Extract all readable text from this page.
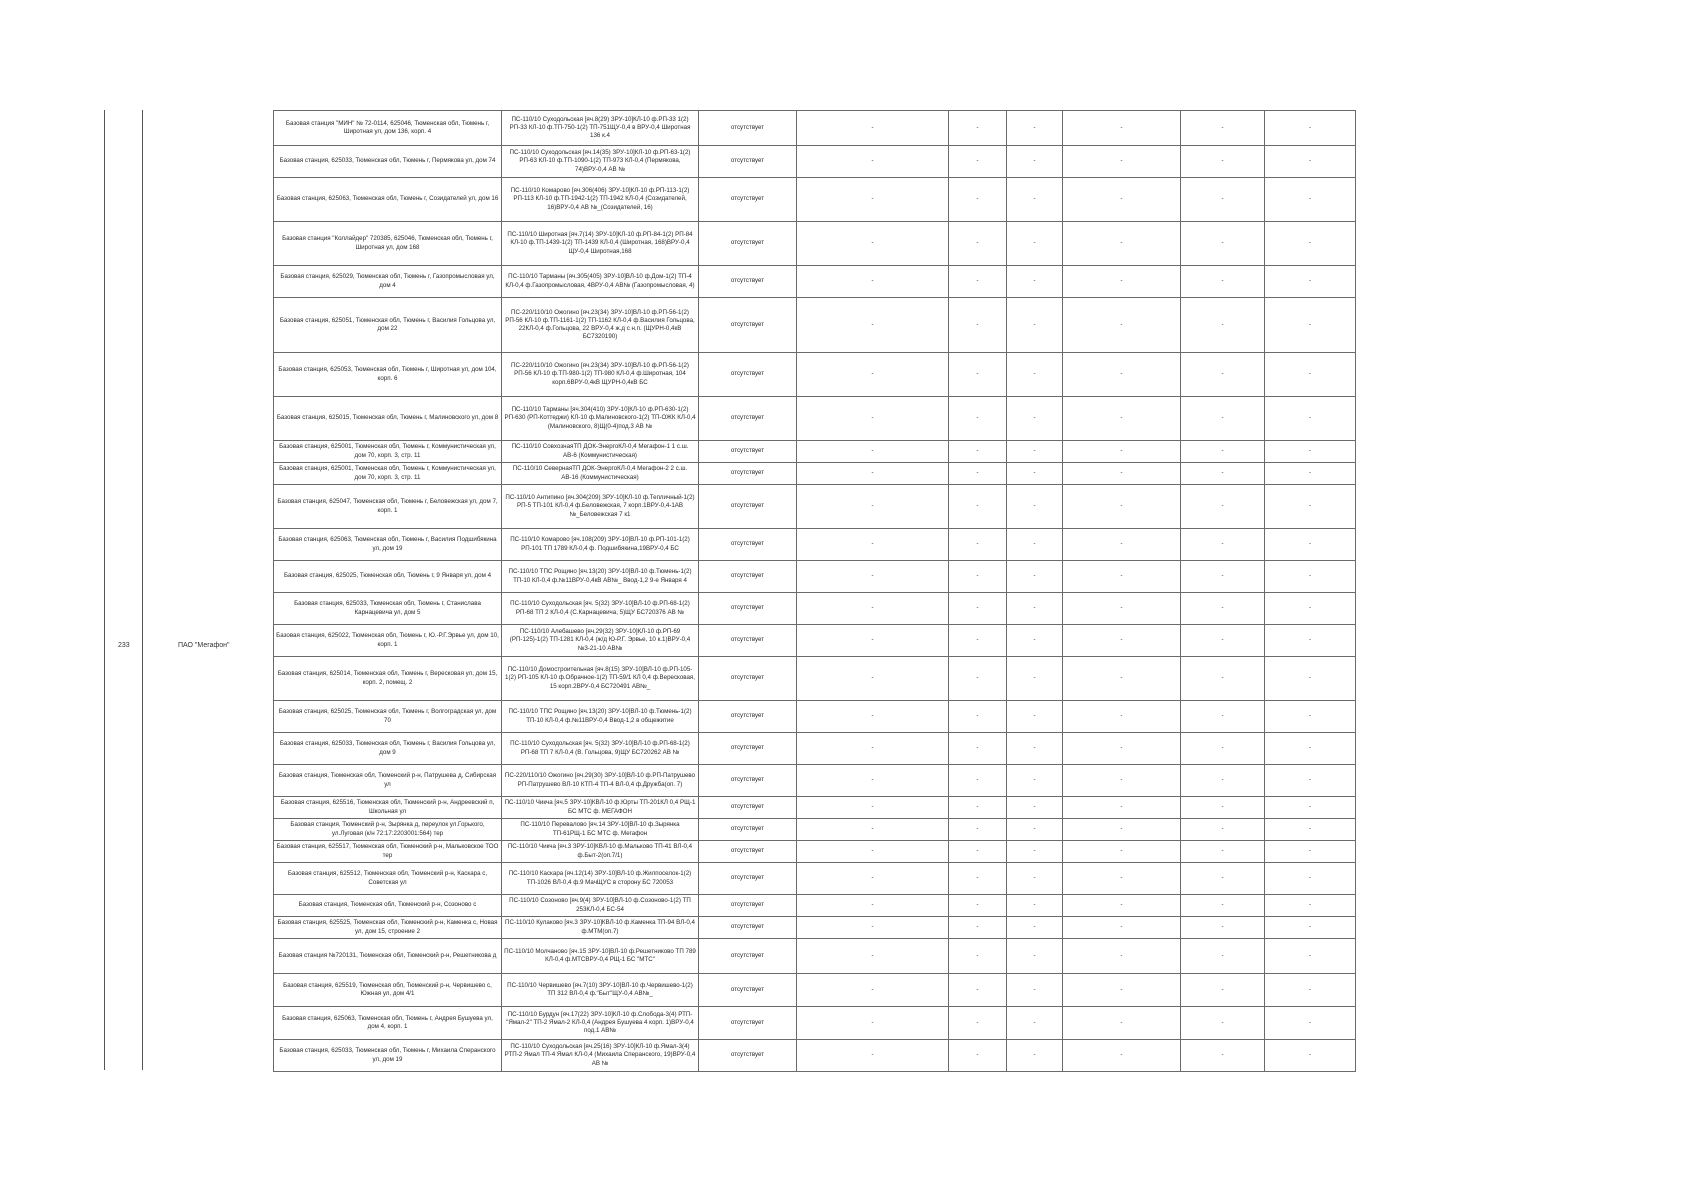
233	ПАО "Мегафон"
Базовая станция "МИН" № 72-0114, 625046, Тюменская обл, Тюмень г, Широтная ул, дом 136, корп. 4	ПС-110/10 Суходольская [яч.8(29) ЗРУ-10]КЛ-10 ф.РП-33 1(2) РП-33 КЛ-10 ф.ТП-750-1(2) ТП-751ЩУ-0,4 в ВРУ-0,4 Широтная 136 к.4	отсутствует	-	-	-	-	-	-
Базовая станция, 625033, Тюменская обл, Тюмень г, Пермякова ул, дом 74	ПС-110/10 Суходольская [яч.14(35) ЗРУ-10]КЛ-10 ф.РП-63-1(2) РП-63 КЛ-10 ф.ТП-1090-1(2) ТП-973 КЛ-0,4 (Пермякова, 74)ВРУ-0,4 АВ №	отсутствует	-	-	-	-	-	-
Базовая станция, 625063, Тюменская обл, Тюмень г, Созидателей ул, дом 16	ПС-110/10 Комарово [яч.306(406) ЗРУ-10]КЛ-10 ф.РП-113-1(2) РП-113 КЛ-10 ф.ТП-1942-1(2) ТП-1942 КЛ-0,4 (Созидателей, 16)ВРУ-0,4 АВ №_(Созидателей, 16)	отсутствует	-	-	-	-	-	-
Базовая станция "Коллайдер" 720385, 625046, Тюменская обл, Тюмень г, Широтная ул, дом 168	ПС-110/10 Широтная [яч.7(14) ЗРУ-10]КЛ-10 ф.РП-84-1(2) РП-84 КЛ-10 ф.ТП-1439-1(2) ТП-1439 КЛ-0,4 (Широтная, 168)ВРУ-0,4 ЩУ-0,4 Широтная,168	отсутствует	-	-	-	-	-	-
Базовая станция, 625029, Тюменская обл, Тюмень г, Газопромысловая ул, дом 4	ПС-110/10 Тарманы [яч.305(405) ЗРУ-10]ВЛ-10 ф.Дом-1(2) ТП-4 КЛ-0,4 ф.Газопромысловая, 4ВРУ-0,4 АВ№ (Газопромысловая, 4)	отсутствует	-	-	-	-	-	-
Базовая станция, 625051, Тюменская обл, Тюмень г, Василия Гольцова ул, дом 22	ПС-220/110/10 Ожогино [яч.23(34) ЗРУ-10]ВЛ-10 ф.РП-56-1(2) РП-56 КЛ-10 ф.ТП-1161-1(2) ТП-1162 КЛ-0,4 ф.Василия Гольцова, 22КЛ-0,4 ф.Гольцова, 22 ВРУ-0,4 ж.д с н.п. (ЩУРН-0,4кВ БС7320190)	отсутствует	-	-	-	-	-	-
Базовая станция, 625053, Тюменская обл, Тюмень г, Широтная ул, дом 104, корп. 6	ПС-220/110/10 Ожогино [яч.23(34) ЗРУ-10]ВЛ-10 ф.РП-56-1(2) РП-56 КЛ-10 ф.ТП-980-1(2) ТП-980 КЛ-0,4 ф.Широтная, 104 корп.6ВРУ-0,4кВ ЩУРН-0,4кВ БС	отсутствует	-	-	-	-	-	-
Базовая станция, 625015, Тюменская обл, Тюмень г, Малиновского ул, дом 8	ПС-110/10 Тарманы [яч.304(410) ЗРУ-10]КЛ-10 ф.РП-630-1(2) РП-630 (РП-Коттеджи) КЛ-10 ф.Малиновского-1(2) ТП-ОЖК КЛ-0,4 (Малиновского, 8)Щ(0-4)под.3 АВ №	отсутствует	-	-	-	-	-	-
Базовая станция, 625001, Тюменская обл, Тюмень г, Коммунистическая ул, дом 70, корп. 3, стр. 11	ПС-110/10 СовхознаяТП ДОК-ЭнергоКЛ-0,4 Мегафон-1 1 с.ш. АВ-6 (Коммунистическая)	отсутствует	-	-	-	-	-	-
Базовая станция, 625001, Тюменская обл, Тюмень г, Коммунистическая ул, дом 70, корп. 3, стр. 11	ПС-110/10 СевернаяТП ДОК-ЭнергоКЛ-0,4 Мегафон-2 2 с.ш. АВ-16 (Коммунистическая)	отсутствует	-	-	-	-	-	-
Базовая станция, 625047, Тюменская обл, Тюмень г, Беловежская ул, дом 7, корп. 1	ПС-110/10 Антипино [яч.304(209) ЗРУ-10]КЛ-10 ф.Тепличный-1(2) РП-5 ТП-101 КЛ-0,4 ф.Беловежская, 7 корп.1ВРУ-0,4-1АВ №_Беловежская 7 к1	отсутствует	-	-	-	-	-	-
Базовая станция, 625063, Тюменская обл, Тюмень г, Василия Подшибякина ул, дом 19	ПС-110/10 Комарово [яч.108(209) ЗРУ-10]ВЛ-10 ф.РП-101-1(2) РП-101 ТП 1789 КЛ-0,4 ф. Подшибякина,19ВРУ-0,4 БС	отсутствует	-	-	-	-	-	-
Базовая станция, 625025, Тюменская обл, Тюмень г, 9 Января ул, дом 4	ПС-110/10 ТПС Рощино [яч.13(20) ЗРУ-10]ВЛ-10 ф.Тюмень-1(2) ТП-10 КЛ-0,4 ф.№11ВРУ-0,4кВ АВ№_ Ввод-1,2 9-е Января 4	отсутствует	-	-	-	-	-	-
Базовая станция, 625033, Тюменская обл, Тюмень г, Станислава Карнацевича ул, дом 5	ПС-110/10 Суходольская [яч. 5(32) ЗРУ-10]ВЛ-10 ф.РП-68-1(2) РП-68 ТП 2 КЛ-0,4 (С.Карнацевича, 5)ЩУ БС720376 АВ №	отсутствует	-	-	-	-	-	-
Базовая станция, 625022, Тюменская обл, Тюмень г, Ю.-Р.Г.Эрвье ул, дом 10, корп. 1	ПС-110/10 Алебашево [яч.29(32) ЗРУ-10]КЛ-10 ф.РП-69 (РП-125)-1(2) ТП-1281 КЛ-0,4 (ж/д Ю-Р.Г. Эрвье, 10 к.1)ВРУ-0,4 №3-21-10 АВ№	отсутствует	-	-	-	-	-	-
Базовая станция, 625014, Тюменская обл, Тюмень г, Вересковая ул, дом 15, корп. 2, помещ. 2	ПС-110/10 Домостроительная [яч.8(15) ЗРУ-10]ВЛ-10 ф.РП-105-1(2) РП-105 КЛ-10 ф.Обрачное-1(2) ТП-59/1 КЛ 0,4 ф.Вересковая, 15 корп.2ВРУ-0,4 БС720491 АВ№_	отсутствует	-	-	-	-	-	-
Базовая станция, 625025, Тюменская обл, Тюмень г, Волгоградская ул, дом 70	ПС-110/10 ТПС Рощино [яч.13(20) ЗРУ-10]ВЛ-10 ф.Тюмень-1(2) ТП-10 КЛ-0,4 ф.№11ВРУ-0,4 Ввод-1,2 в общежитие	отсутствует	-	-	-	-	-	-
Базовая станция, 625033, Тюменская обл, Тюмень г, Василия Гольцова ул, дом 9	ПС-110/10 Суходольская [яч. 5(32) ЗРУ-10]ВЛ-10 ф.РП-68-1(2) РП-68 ТП 7 КЛ-0,4 (В. Гольцова, 9)ЩУ БС720262 АВ №	отсутствует	-	-	-	-	-	-
Базовая станция, Тюменская обл, Тюменский р-н, Патрушева д, Сибирская ул	ПС-220/110/10 Ожогино [яч.29(30) ЗРУ-10]ВЛ-10 ф.РП-Патрушево РП-Патрушево ВЛ-10 КТП-4 ТП-4 ВЛ-0,4 ф.Дружба(оп. 7)	отсутствует	-	-	-	-	-	-
Базовая станция, 625516, Тюменская обл, Тюменский р-н, Андреевский п, Школьная ул	ПС-110/10 Чикча [яч.5 ЗРУ-10]КВЛ-10 ф.Юрты ТП-201КЛ 0,4 РЩ-1 БС МТС ф. МЕГАФОН	отсутствует	-	-	-	-	-	-
Базовая станция, Тюменский р-н, Зырянка д, переулок ул.Горького, ул.Луговая (к/н 72:17:2203001:564) тер	ПС-110/10 Перевалово [яч.14 ЗРУ-10]ВЛ-10 ф.Зырянка ТП-61РЩ-1 БС МТС ф. Мегафон	отсутствует	-	-	-	-	-	-
Базовая станция, 625517, Тюменская обл, Тюменский р-н, Мальковское ТОО тер	ПС-110/10 Чикча [яч.3 ЗРУ-10]КВЛ-10 ф.Мальково ТП-41 ВЛ-0,4 ф.Быт-2(оп.7/1)	отсутствует	-	-	-	-	-	-
Базовая станция, 625512, Тюменская обл, Тюменский р-н, Каскара с, Советская ул	ПС-110/10 Каскара [яч.12(14) ЗРУ-10]ВЛ-10 ф.Жилпоселок-1(2) ТП-1026 ВЛ-0,4 ф.9 МачЩУС в сторону БС 720053	отсутствует	-	-	-	-	-	-
Базовая станция, Тюменская обл, Тюменский р-н, Созоново с	ПС-110/10 Созоново [яч.9(4) ЗРУ-10]ВЛ-10 ф.Созоново-1(2) ТП 253КЛ-0,4 БС-54	отсутствует	-	-	-	-	-	-
Базовая станция, 625525, Тюменская обл, Тюменский р-н, Каменка с, Новая ул, дом 15, строение 2	ПС-110/10 Кулаково [яч.3 ЗРУ-10]КВЛ-10 ф.Каменка ТП-94 ВЛ-0,4 ф.МТМ(оп.7)	отсутствует	-	-	-	-	-	-
Базовая станция №720131, Тюменская обл, Тюменский р-н, Решетникова д	ПС-110/10 Молчаново [яч.15 ЗРУ-10]ВЛ-10 ф.Решетниково ТП 789 КЛ-0,4 ф.МТСВРУ-0,4 РЩ-1 БС "МТС"	отсутствует	-	-	-	-	-	-
Базовая станция, 625519, Тюменская обл, Тюменский р-н, Червишево с, Южная ул, дом 4/1	ПС-110/10 Червишево [яч.7(10) ЗРУ-10]ВЛ-10 ф.Червишево-1(2) ТП 312 ВЛ-0,4 ф."Быт"ЩУ-0,4 АВ№_	отсутствует	-	-	-	-	-	-
Базовая станция, 625063, Тюменская обл, Тюмень г, Андрея Бушуева ул, дом 4, корп. 1	ПС-110/10 Бурдун [яч.17(22) ЗРУ-10]КЛ-10 ф.Слобода-3(4) РТП-"Ямал-2" ТП-2 Ямал-2 КЛ-0,4 (Андрея Бушуева 4 корп. 1)ВРУ-0,4 под.1 АВ№	отсутствует	-	-	-	-	-	-
Базовая станция, 625033, Тюменская обл, Тюмень г, Михаила Сперанского ул, дом 19	ПС-110/10 Суходольская [яч.25(16) ЗРУ-10]КЛ-10 ф.Ямал-3(4) РТП-2 Ямал ТП-4 Ямал КЛ-0,4 (Михаила Сперанского, 19)ВРУ-0,4 АВ №	отсутствует	-	-	-	-	-	-
